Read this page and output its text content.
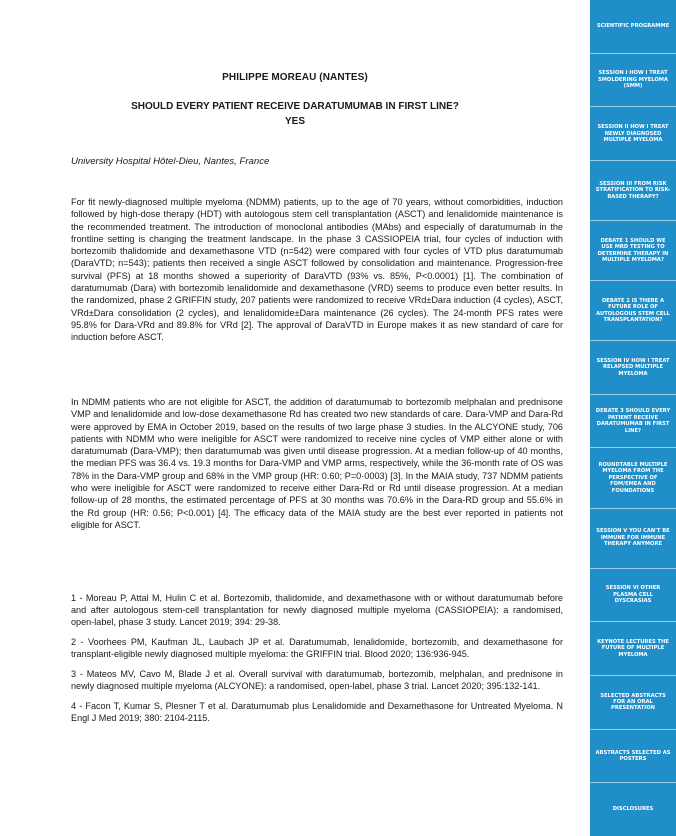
PHILIPPE MOREAU (NANTES)
SHOULD EVERY PATIENT RECEIVE DARATUMUMAB IN FIRST LINE?
YES
University Hospital Hôtel-Dieu, Nantes, France

For fit newly-diagnosed multiple myeloma (NDMM) patients, up to the age of 70 years, without comorbidities, induction followed by high-dose therapy (HDT) with autologous stem cell transplantation (ASCT) and lenalidomide maintenance is the recommended treatment. The introduction of monoclonal antibodies (MAbs) and especially of daratumumab in the frontline setting is changing the treatment landscape. In the phase 3 CASSIOPEIA trial, four cycles of induction with bortezomib thalidomide and dexamethasone VTD (n=542) were compared with four cycles of VTD plus daratumumab (DaraVTD; n=543); patients then received a single ASCT followed by consolidation and maintenance. Progression-free survival (PFS) at 18 months showed a superiority of DaraVTD (93% vs. 85%, P<0.0001) [1]. The combination of daratumumab (Dara) with bortezomib lenalidomide and dexamethasone (VRD) seems to produce even better results. In the randomized, phase 2 GRIFFIN study, 207 patients were randomized to receive VRd±Dara induction (4 cycles), ASCT, VRd±Dara consolidation (2 cycles), and lenalidomide±Dara maintenance (26 cycles). The 24-month PFS rates were 95.8% for Dara-VRd and 89.8% for VRd [2]. The approval of DaraVTD in Europe makes it as new standard of care for induction before ASCT.

In NDMM patients who are not eligible for ASCT, the addition of daratumumab to bortezomib melphalan and prednisone VMP and lenalidomide and low-dose dexamethasone Rd has created two new standards of care. Dara-VMP and Dara-Rd were approved by EMA in October 2019, based on the results of two large phase 3 studies. In the ALCYONE study, 706 patients with NDMM who were ineligible for ASCT were randomized to receive nine cycles of VMP either alone or with daratumumab (Dara-VMP); then daratumumab was given until disease progression. At a median follow-up of 40 months, the median PFS was 36.4 vs. 19.3 months for Dara-VMP and VMP arms, respectively, while the 36-month rate of OS was 78% in the Dara-VMP group and 68% in the VMP group (HR: 0.60; P=0·0003) [3]. In the MAIA study, 737 NDMM patients who were ineligible for ASCT were randomized to receive either Dara-Rd or Rd until disease progression. At a median follow-up of 28 months, the estimated percentage of PFS at 30 months was 70.6% in the Dara-RD group and 55.6% in the Rd group (HR: 0.56; P<0.001) [4]. The efficacy data of the MAIA study are the best ever reported in patients not eligible for ASCT.

1 - Moreau P, Attal M, Hulin C et al. Bortezomib, thalidomide, and dexamethasone with or without daratumumab before and after autologous stem-cell transplantation for newly diagnosed multiple myeloma (CASSIOPEIA): a randomised, open-label, phase 3 study. Lancet 2019; 394: 29-38.

2 - Voorhees PM, Kaufman JL, Laubach JP et al. Daratumumab, lenalidomide, bortezomib, and dexamethasone for transplant-eligible newly diagnosed multiple myeloma: the GRIFFIN trial. Blood 2020; 136:936-945.

3 - Mateos MV, Cavo M, Blade J et al. Overall survival with daratumumab, bortezomib, melphalan, and prednisone in newly diagnosed multiple myeloma (ALCYONE): a randomised, open-label, phase 3 trial. Lancet 2020; 395:132-141.

4 - Facon T, Kumar S, Plesner T et al. Daratumumab plus Lenalidomide and Dexamethasone for Untreated Myeloma. N Engl J Med 2019; 380: 2104-2115.

SCIENTIFIC PROGRAMME
SESSION I HOW I TREAT SMOLDERING MYELOMA (SMM)
SESSION II HOW I TREAT NEWLY DIAGNOSED MULTIPLE MYELOMA
SESSION III FROM RISK STRATIFICATION TO RISK-BASED THERAPY?
DEBATE 1 SHOULD WE USE MRD TESTING TO DETERMINE THERAPY IN MULTIPLE MYELOMA?
DEBATE 2 IS THERE A FUTURE ROLE OF AUTOLOGOUS STEM CELL TRANSPLANTATION?
SESSION IV HOW I TREAT RELAPSED MULTIPLE MYELOMA
DEBATE 3 SHOULD EVERY PATIENT RECEIVE DARATUMUMAB IN FIRST LINE?
ROUNDTABLE MULTIPLE MYELOMA FROM THE PERSPECTIVE OF FDM/EMEA AND FOUNDATIONS
SESSION V YOU CAN'T BE IMMUNE FOR IMMUNE THERAPY ANYMORE
SESSION VI OTHER PLASMA CELL DYSCRASIAS
KEYNOTE LECTURES THE FUTURE OF MULTIPLE MYELOMA
SELECTED ABSTRACTS FOR AN ORAL PRESENTATION
ABSTRACTS SELECTED AS POSTERS
DISCLOSURES
